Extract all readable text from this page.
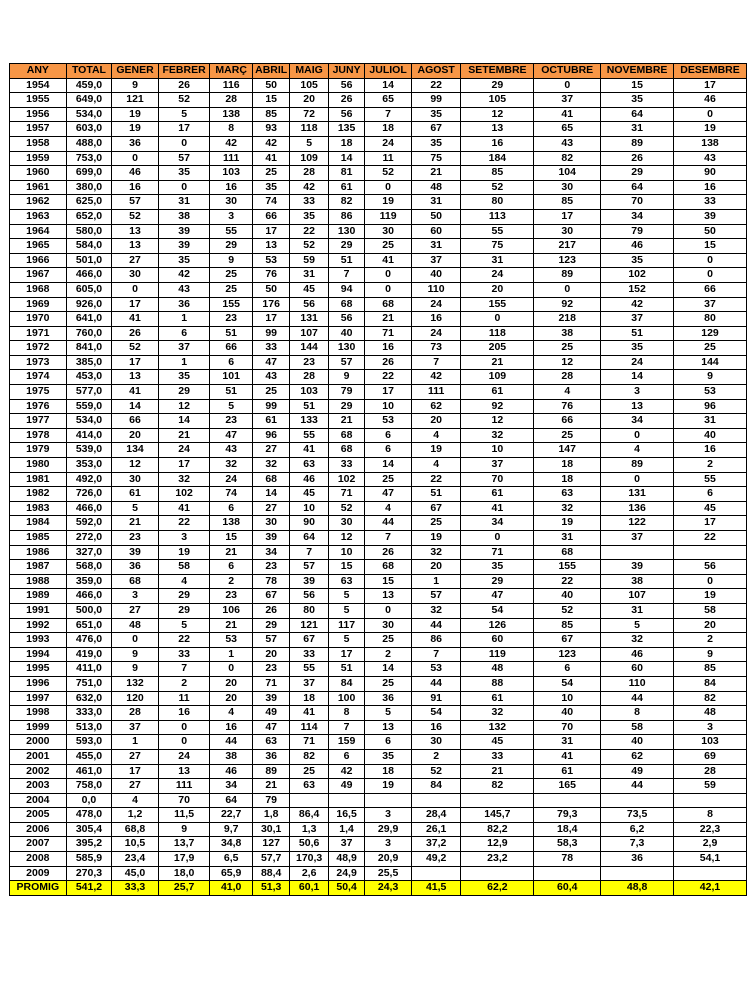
ANY	TOTAL	GENER	FEBRER	MARÇ	ABRIL	MAIG	JUNY	JULIOL	AGOST	SETEMBRE	OCTUBRE	NOVEMBRE	DESEMBRE
1954	459,0	9	26	116	50	105	56	14	22	29	0	15	17
1955	649,0	121	52	28	15	20	26	65	99	105	37	35	46
1956	534,0	19	5	138	85	72	56	7	35	12	41	64	0
1957	603,0	19	17	8	93	118	135	18	67	13	65	31	19
1958	488,0	36	0	42	42	5	18	24	35	16	43	89	138
1959	753,0	0	57	111	41	109	14	11	75	184	82	26	43
1960	699,0	46	35	103	25	28	81	52	21	85	104	29	90
1961	380,0	16	0	16	35	42	61	0	48	52	30	64	16
1962	625,0	57	31	30	74	33	82	19	31	80	85	70	33
1963	652,0	52	38	3	66	35	86	119	50	113	17	34	39
1964	580,0	13	39	55	17	22	130	30	60	55	30	79	50
1965	584,0	13	39	29	13	52	29	25	31	75	217	46	15
1966	501,0	27	35	9	53	59	51	41	37	31	123	35	0
1967	466,0	30	42	25	76	31	7	0	40	24	89	102	0
1968	605,0	0	43	25	50	45	94	0	110	20	0	152	66
1969	926,0	17	36	155	176	56	68	68	24	155	92	42	37
1970	641,0	41	1	23	17	131	56	21	16	0	218	37	80
1971	760,0	26	6	51	99	107	40	71	24	118	38	51	129
1972	841,0	52	37	66	33	144	130	16	73	205	25	35	25
1973	385,0	17	1	6	47	23	57	26	7	21	12	24	144
1974	453,0	13	35	101	43	28	9	22	42	109	28	14	9
1975	577,0	41	29	51	25	103	79	17	111	61	4	3	53
1976	559,0	14	12	5	99	51	29	10	62	92	76	13	96
1977	534,0	66	14	23	61	133	21	53	20	12	66	34	31
1978	414,0	20	21	47	96	55	68	6	4	32	25	0	40
1979	539,0	134	24	43	27	41	68	6	19	10	147	4	16
1980	353,0	12	17	32	32	63	33	14	4	37	18	89	2
1981	492,0	30	32	24	68	46	102	25	22	70	18	0	55
1982	726,0	61	102	74	14	45	71	47	51	61	63	131	6
1983	466,0	5	41	6	27	10	52	4	67	41	32	136	45
1984	592,0	21	22	138	30	90	30	44	25	34	19	122	17
1985	272,0	23	3	15	39	64	12	7	19	0	31	37	22
1986	327,0	39	19	21	34	7	10	26	32	71	68		
1987	568,0	36	58	6	23	57	15	68	20	35	155	39	56
1988	359,0	68	4	2	78	39	63	15	1	29	22	38	0
1989	466,0	3	29	23	67	56	5	13	57	47	40	107	19
1991	500,0	27	29	106	26	80	5	0	32	54	52	31	58
1992	651,0	48	5	21	29	121	117	30	44	126	85	5	20
1993	476,0	0	22	53	57	67	5	25	86	60	67	32	2
1994	419,0	9	33	1	20	33	17	2	7	119	123	46	9
1995	411,0	9	7	0	23	55	51	14	53	48	6	60	85
1996	751,0	132	2	20	71	37	84	25	44	88	54	110	84
1997	632,0	120	11	20	39	18	100	36	91	61	10	44	82
1998	333,0	28	16	4	49	41	8	5	54	32	40	8	48
1999	513,0	37	0	16	47	114	7	13	16	132	70	58	3
2000	593,0	1	0	44	63	71	159	6	30	45	31	40	103
2001	455,0	27	24	38	36	82	6	35	2	33	41	62	69
2002	461,0	17	13	46	89	25	42	18	52	21	61	49	28
2003	758,0	27	111	34	21	63	49	19	84	82	165	44	59
2004	0,0	4	70	64	79								
2005	478,0	1,2	11,5	22,7	1,8	86,4	16,5	3	28,4	145,7	79,3	73,5	8
2006	305,4	68,8	9	9,7	30,1	1,3	1,4	29,9	26,1	82,2	18,4	6,2	22,3
2007	395,2	10,5	13,7	34,8	127	50,6	37	3	37,2	12,9	58,3	7,3	2,9
2008	585,9	23,4	17,9	6,5	57,7	170,3	48,9	20,9	49,2	23,2	78	36	54,1
2009	270,3	45,0	18,0	65,9	88,4	2,6	24,9	25,5					
PROMIG	541,2	33,3	25,7	41,0	51,3	60,1	50,4	24,3	41,5	62,2	60,4	48,8	42,1
